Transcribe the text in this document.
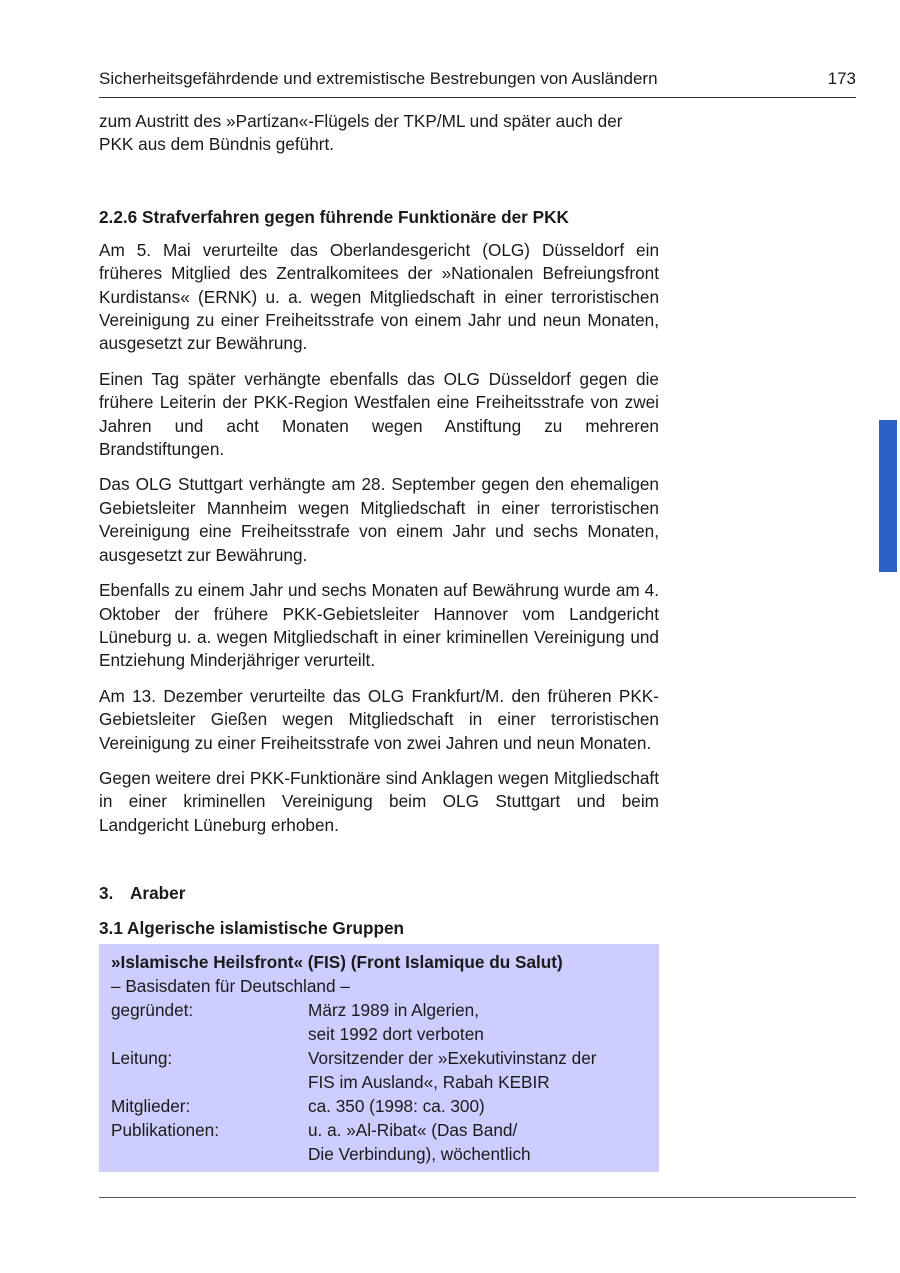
Sicherheitsgefährdende und extremistische Bestrebungen von Ausländern	173

zum Austritt des »Partizan«-Flügels der TKP/ML und später auch der PKK aus dem Bündnis geführt.

2.2.6 Strafverfahren gegen führende Funktionäre der PKK

Am 5. Mai verurteilte das Oberlandesgericht (OLG) Düsseldorf ein früheres Mitglied des Zentralkomitees der »Nationalen Befreiungsfront Kurdistans« (ERNK) u. a. wegen Mitgliedschaft in einer terroristischen Vereinigung zu einer Freiheitsstrafe von einem Jahr und neun Monaten, ausgesetzt zur Bewährung.

Einen Tag später verhängte ebenfalls das OLG Düsseldorf gegen die frühere Leiterin der PKK-Region Westfalen eine Freiheitsstrafe von zwei Jahren und acht Monaten wegen Anstiftung zu mehreren Brandstiftungen.

Das OLG Stuttgart verhängte am 28. September gegen den ehemaligen Gebietsleiter Mannheim wegen Mitgliedschaft in einer terroristischen Vereinigung eine Freiheitsstrafe von einem Jahr und sechs Monaten, ausgesetzt zur Bewährung.

Ebenfalls zu einem Jahr und sechs Monaten auf Bewährung wurde am 4. Oktober der frühere PKK-Gebietsleiter Hannover vom Landgericht Lüneburg u. a. wegen Mitgliedschaft in einer kriminellen Vereinigung und Entziehung Minderjähriger verurteilt.

Am 13. Dezember verurteilte das OLG Frankfurt/M. den früheren PKK-Gebietsleiter Gießen wegen Mitgliedschaft in einer terroristischen Vereinigung zu einer Freiheitsstrafe von zwei Jahren und neun Monaten.

Gegen weitere drei PKK-Funktionäre sind Anklagen wegen Mitgliedschaft in einer kriminellen Vereinigung beim OLG Stuttgart und beim Landgericht Lüneburg erhoben.

3. Araber
3.1 Algerische islamistische Gruppen
»Islamische Heilsfront« (FIS) (Front Islamique du Salut)
– Basisdaten für Deutschland –
gegründet:	März 1989 in Algerien,
seit 1992 dort verboten
Leitung:	Vorsitzender der »Exekutivinstanz der
FIS im Ausland«, Rabah KEBIR
Mitglieder:	ca. 350 (1998: ca. 300)
Publikationen:	u. a. »Al-Ribat« (Das Band/
Die Verbindung), wöchentlich
